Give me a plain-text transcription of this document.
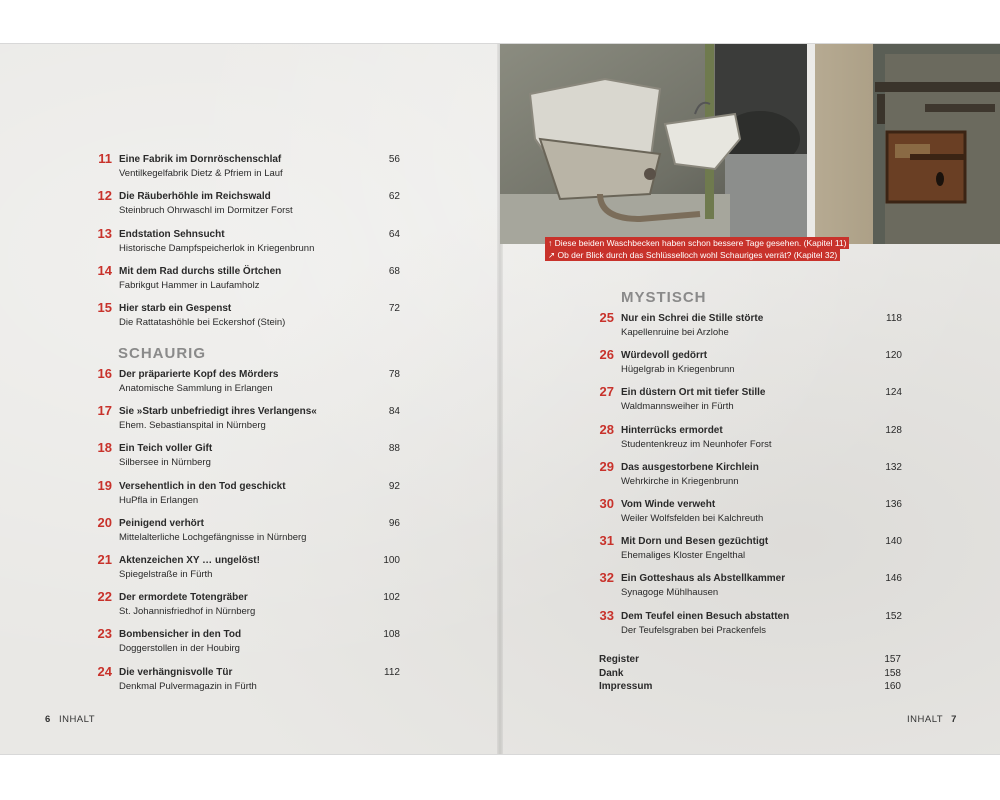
↑ Diese beiden Waschbecken haben schon bessere Tage gesehen. (Kapitel 11)
↗ Ob der Blick durch das Schlüsselloch wohl Schauriges verrät? (Kapitel 32)
11 Eine Fabrik im Dornröschenschlaf
Ventilkegelfabrik Dietz & Pfriem in Lauf
56
12 Die Räuberhöhle im Reichswald
Steinbruch Ohrwaschl im Dormitzer Forst
62
13 Endstation Sehnsucht
Historische Dampfspeicherlok in Kriegenbrunn
64
14 Mit dem Rad durchs stille Örtchen
Fabrikgut Hammer in Laufamholz
68
15 Hier starb ein Gespenst
Die Rattatashöhle bei Eckershof (Stein)
72
SCHAURIG
16 Der präparierte Kopf des Mörders
Anatomische Sammlung in Erlangen
78
17 Sie »Starb unbefriedigt ihres Verlangens«
Ehem. Sebastianspital in Nürnberg
84
18 Ein Teich voller Gift
Silbersee in Nürnberg
88
19 Versehentlich in den Tod geschickt
HuPfla in Erlangen
92
20 Peinigend verhört
Mittelalterliche Lochgefängnisse in Nürnberg
96
21 Aktenzeichen XY … ungelöst!
Spiegelstraße in Fürth
100
22 Der ermordete Totengräber
St. Johannisfriedhof in Nürnberg
102
23 Bombensicher in den Tod
Doggerstollen in der Houbirg
108
24 Die verhängnisvolle Tür
Denkmal Pulvermagazin in Fürth
112
6 INHALT
MYSTISCH
25 Nur ein Schrei die Stille störte
Kapellenruine bei Arzlohe
118
26 Würdevoll gedörrt
Hügelgrab in Kriegenbrunn
120
27 Ein düstern Ort mit tiefer Stille
Waldmannsweiher in Fürth
124
28 Hinterrücks ermordet
Studentenkreuz im Neunhofer Forst
128
29 Das ausgestorbene Kirchlein
Wehrkirche in Kriegenbrunn
132
30 Vom Winde verweht
Weiler Wolfsfelden bei Kalchreuth
136
31 Mit Dorn und Besen gezüchtigt
Ehemaliges Kloster Engelthal
140
32 Ein Gotteshaus als Abstellkammer
Synagoge Mühlhausen
146
33 Dem Teufel einen Besuch abstatten
Der Teufelsgraben bei Prackenfels
152
Register	157
Dank	158
Impressum	160
INHALT 7
